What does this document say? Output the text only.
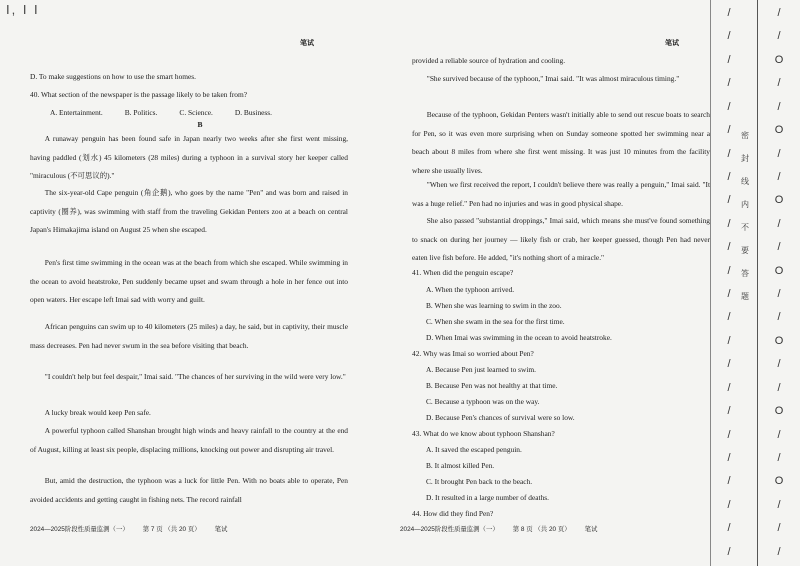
I, I I
笔试

D. To make suggestions on how to use the smart homes.

40. What section of the newspaper is the passage likely to be taken from?

A. Entertainment.	B. Politics.	C. Science.	D. Business.
B

A runaway penguin has been found safe in Japan nearly two weeks after she first went missing, having paddled (划水) 45 kilometers (28 miles) during a typhoon in a survival story her keeper called "miraculous (不可思议的)."

The six-year-old Cape penguin (角企鹅), who goes by the name "Pen" and was born and raised in captivity (圈养), was swimming with staff from the traveling Gekidan Penters zoo at a beach on central Japan's Himakajima island on August 25 when she escaped.

Pen's first time swimming in the ocean was at the beach from which she escaped. While swimming in the ocean to avoid heatstroke, Pen suddenly became upset and swam through a hole in her fence out into open waters. Her escape left Imai sad with worry and guilt.

African penguins can swim up to 40 kilometers (25 miles) a day, he said, but in captivity, their muscle mass decreases. Pen had never swum in the sea before visiting that beach.

"I couldn't help but feel despair," Imai said. "The chances of her surviving in the wild were very low."

A lucky break would keep Pen safe.

A powerful typhoon called Shanshan brought high winds and heavy rainfall to the country at the end of August, killing at least six people, displacing millions, knocking out power and disrupting air travel.

But, amid the destruction, the typhoon was a luck for little Pen. With no boats able to operate, Pen avoided accidents and getting caught in fishing nets. The record rainfall

2024—2025阶段性质量监测（一） 第 7 页 （共 20 页） 笔试
笔试

provided a reliable source of hydration and cooling.

"She survived because of the typhoon," Imai said. "It was almost miraculous timing."

Because of the typhoon, Gekidan Penters wasn't initially able to send out rescue boats to search for Pen, so it was even more surprising when on Sunday someone spotted her swimming near a beach about 8 miles from where she first went missing. It was just 10 minutes from the facility where she usually lives.

"When we first received the report, I couldn't believe there was really a penguin," Imai said. "It was a huge relief." Pen had no injuries and was in good physical shape.

She also passed "substantial droppings," Imai said, which means she must've found something to snack on during her journey — likely fish or crab, her keeper guessed, though Pen had never eaten live fish before. He added, "it's nothing short of a miracle."

41. When did the penguin escape?
A. When the typhoon arrived.
B. When she was learning to swim in the zoo.
C. When she swam in the sea for the first time.
D. When Imai was swimming in the ocean to avoid heatstroke.
42. Why was Imai so worried about Pen?
A. Because Pen just learned to swim.
B. Because Pen was not healthy at that time.
C. Because a typhoon was on the way.
D. Because Pen's chances of survival were so low.
43. What do we know about typhoon Shanshan?
A. It saved the escaped penguin.
B. It almost killed Pen.
C. It brought Pen back to the beach.
D. It resulted in a large number of deaths.
44. How did they find Pen?
2024—2025阶段性质量监测（一） 第 8 页 （共 20 页） 笔试
/
/
/
/
/
/
/
/
/
/
/
/
/
/
/
/
/
/
/
/
/
/
/
/
密
封
线
内
不
要
答
题
/
/
O
/
/
O
/
/
O
/
/
O
/
/
O
/
/
O
/
/
O
/
/
/
